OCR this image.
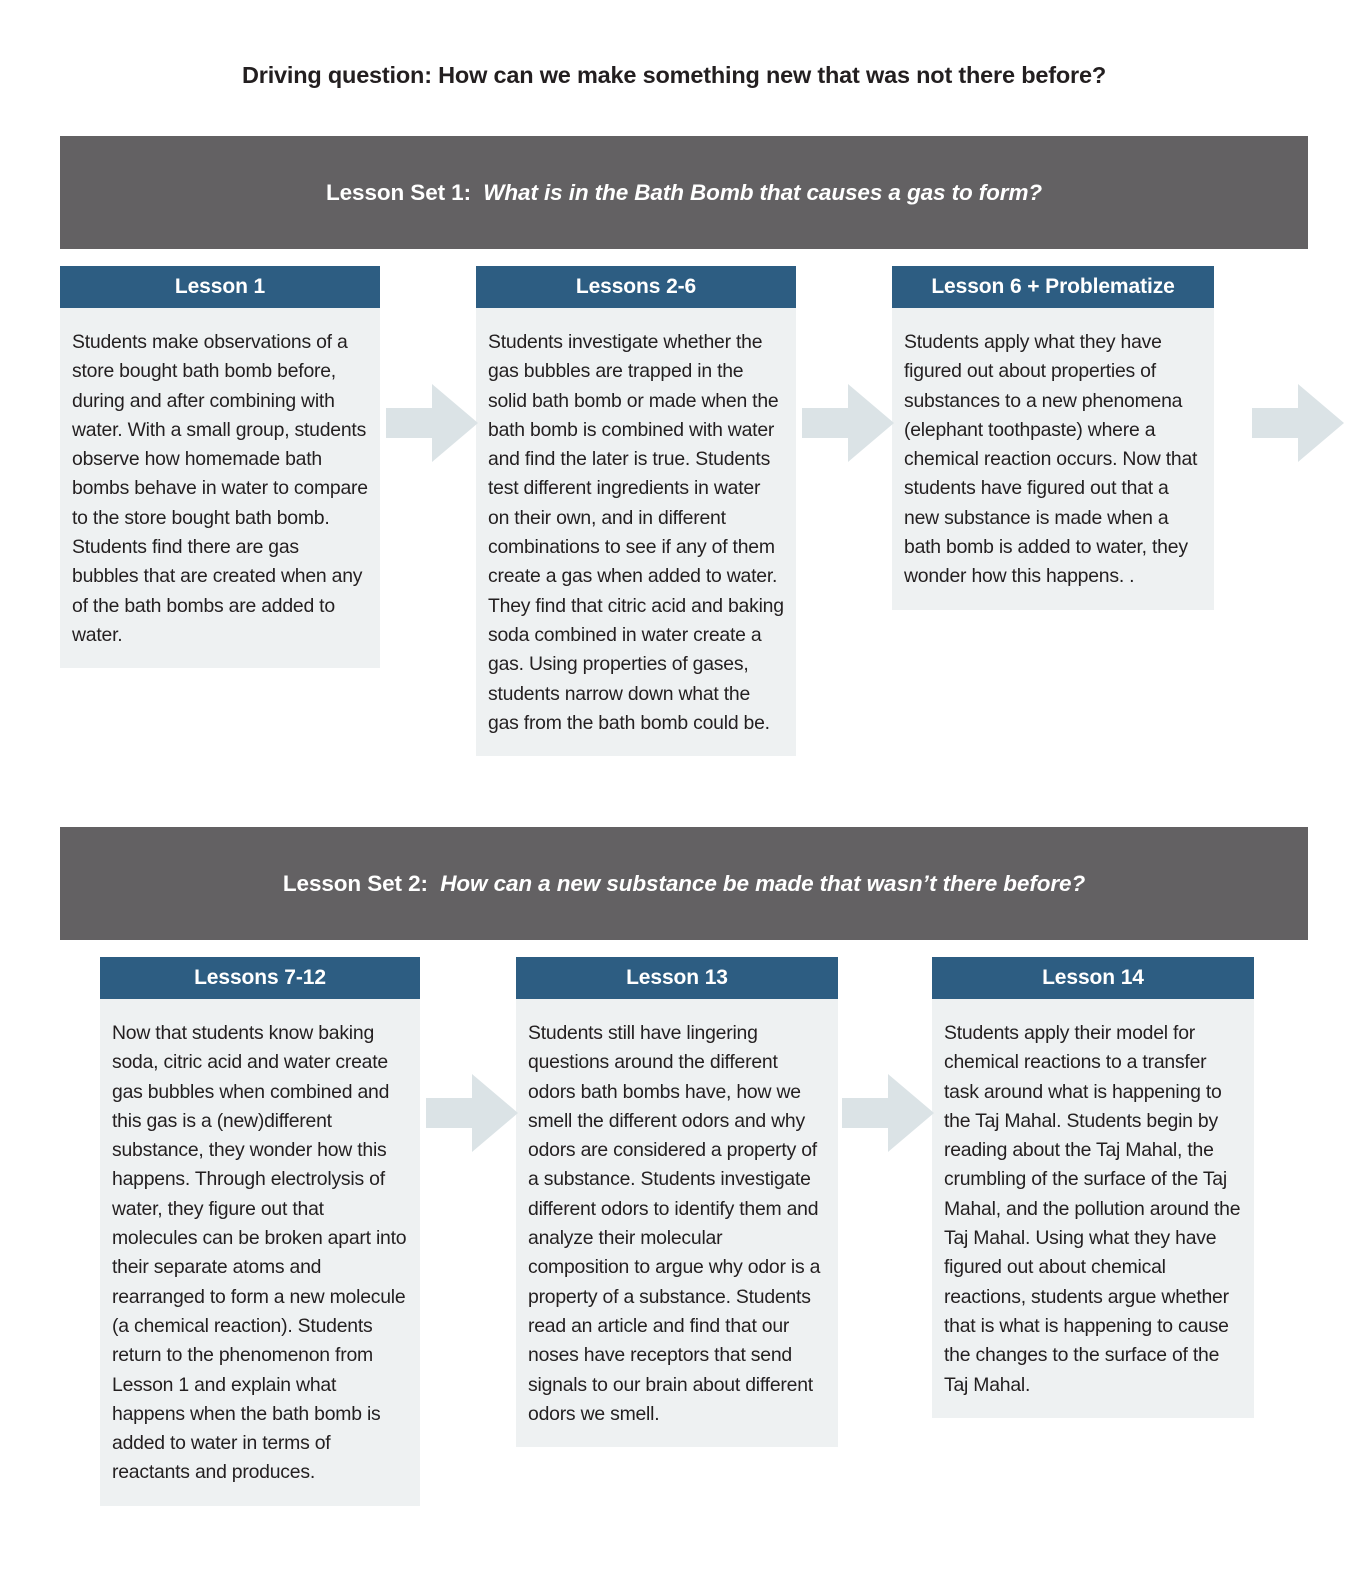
Driving question: How can we make something new that was not there before?
Lesson Set 1: What is in the Bath Bomb that causes a gas to form?
Lesson 1
Students make observations of a store bought bath bomb before, during and after combining with water. With a small group, students observe how homemade bath bombs behave in water to compare to the store bought bath bomb. Students find there are gas bubbles that are created when any of the bath bombs are added to water.
Lessons 2-6
Students investigate whether the gas bubbles are trapped in the solid bath bomb or made when the bath bomb is combined with water and find the later is true. Students test different ingredients in water on their own, and in different combinations to see if any of them create a gas when added to water. They find that citric acid and baking soda combined in water create a gas. Using properties of gases, students narrow down what the gas from the bath bomb could be.
Lesson 6 + Problematize
Students apply what they have figured out about properties of substances to a new phenomena (elephant toothpaste) where a chemical reaction occurs. Now that students have figured out that a new substance is made when a bath bomb is added to water, they wonder how this happens. .
Lesson Set 2: How can a new substance be made that wasn’t there before?
Lessons 7-12
Now that students know baking soda, citric acid and water create gas bubbles when combined and this gas is a (new)different substance, they wonder how this happens. Through electrolysis of water, they figure out that molecules can be broken apart into their separate atoms and rearranged to form a new molecule (a chemical reaction). Students return to the phenomenon from Lesson 1 and explain what happens when the bath bomb is added to water in terms of reactants and produces.
Lesson 13
Students still have lingering questions around the different odors bath bombs have, how we smell the different odors and why odors are considered a property of a substance. Students investigate different odors to identify them and analyze their molecular composition to argue why odor is a property of a substance. Students read an article and find that our noses have receptors that send signals to our brain about different odors we smell.
Lesson 14
Students apply their model for chemical reactions to a transfer task around what is happening to the Taj Mahal. Students begin by reading about the Taj Mahal, the crumbling of the surface of the Taj Mahal, and the pollution around the Taj Mahal. Using what they have figured out about chemical reactions, students argue whether that is what is happening to cause the changes to the surface of the Taj Mahal.
